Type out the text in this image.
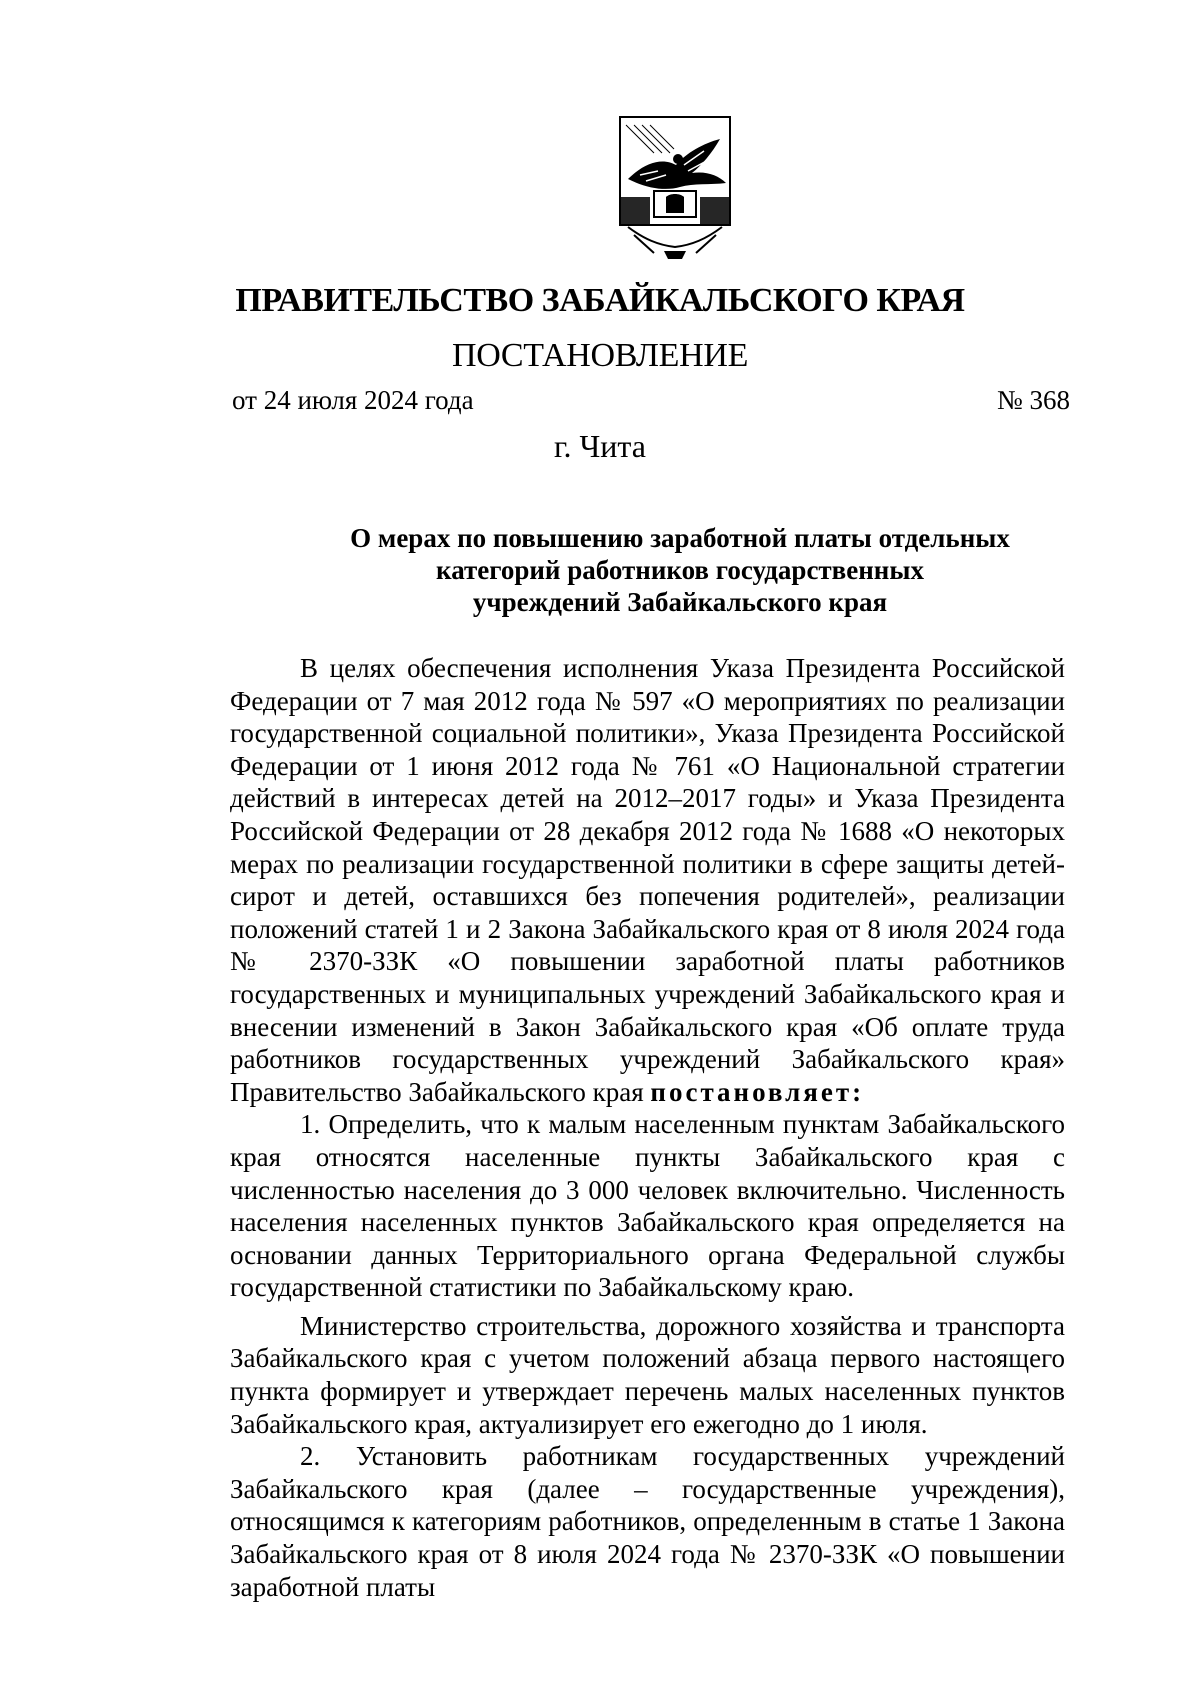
ПРАВИТЕЛЬСТВО ЗАБАЙКАЛЬСКОГО КРАЯ
ПОСТАНОВЛЕНИЕ
от 24 июля 2024 года	№ 368
г. Чита
О мерах по повышению заработной платы отдельных
категорий работников государственных
учреждений Забайкальского края

В целях обеспечения исполнения Указа Президента Российской Федерации от 7 мая 2012 года № 597 «О мероприятиях по реализации государственной социальной политики», Указа Президента Российской Федерации от 1 июня 2012 года № 761 «О Национальной стратегии действий в интересах детей на 2012–2017 годы» и Указа Президента Российской Федерации от 28 декабря 2012 года № 1688 «О некоторых мерах по реализации государственной политики в сфере защиты детей-сирот и детей, оставшихся без попечения родителей», реализации положений статей 1 и 2 Закона Забайкальского края от 8 июля 2024 года № 2370-ЗЗК «О повышении заработной платы работников государственных и муниципальных учреждений Забайкальского края и внесении изменений в Закон Забайкальского края «Об оплате труда работников государственных учреждений Забайкальского края» Правительство Забайкальского края постановляет:

1. Определить, что к малым населенным пунктам Забайкальского края относятся населенные пункты Забайкальского края с численностью населения до 3 000 человек включительно. Численность населения населенных пунктов Забайкальского края определяется на основании данных Территориального органа Федеральной службы государственной статистики по Забайкальскому краю.

Министерство строительства, дорожного хозяйства и транспорта Забайкальского края с учетом положений абзаца первого настоящего пункта формирует и утверждает перечень малых населенных пунктов Забайкальского края, актуализирует его ежегодно до 1 июля.

2. Установить работникам государственных учреждений Забайкальского края (далее – государственные учреждения), относящимся к категориям работников, определенным в статье 1 Закона Забайкальского края от 8 июля 2024 года № 2370-ЗЗК «О повышении заработной платы
